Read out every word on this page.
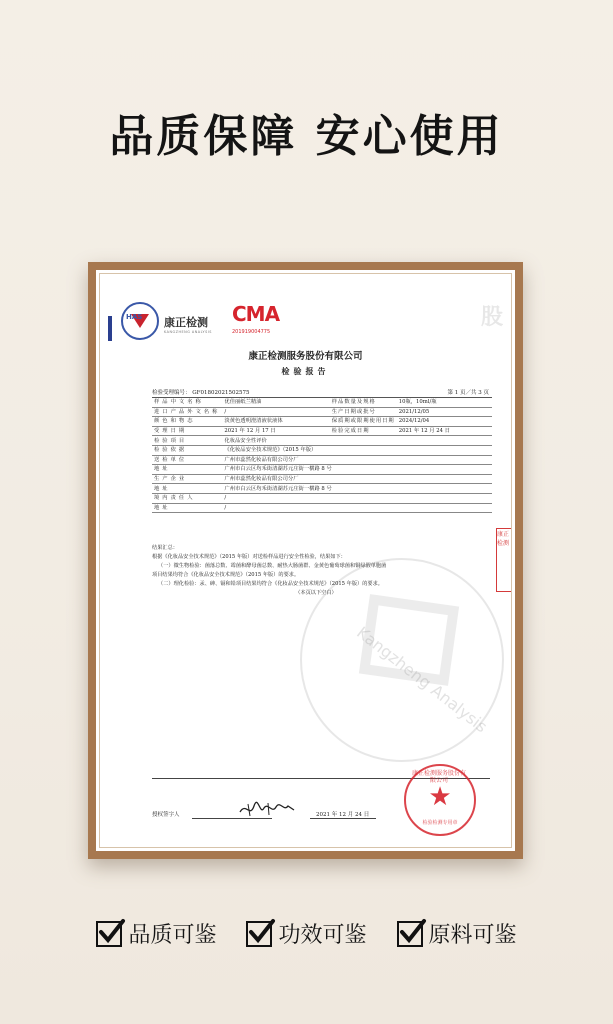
品质保障 安心使用
股
Kangzheng Analysis
HAS 康正检测
KANGZHENG ANALYSIS
CMA
201919004775
康正检测服务股份有限公司
检验报告
检验受理编号： GF01802021502575	第 1 页／共 3 页
样品中文名称	优佳丽纸兰精油	样品数量及规格	10瓶，10ml/瓶
进口产品外文名称	/	生产日期或批号	2021/12/05
颜色和物态	淡黄色透明澄清液状液体	保质期或限期使用日期	2024/12/04
受理日期	2021 年 12 月 17 日	检验完成日期	2021 年 12 月 24 日
检验项目	化妆品安全性评价		
检验依据	《化妆品安全技术规范》（2015 年版）		
送检单位	广州市蕊然化妆品有限公司分厂		
地址	广州市白云区均禾街清湖苏元庄街一横路 8 号		
生产企业	广州市蕊然化妆品有限公司分厂		
地址	广州市白云区均禾街清湖苏元庄街一横路 8 号		
境内责任人	/		
地址	/		
结果汇总：
根据《化妆品安全技术规范》（2015 年版）对送检样品进行安全性检验，结果如下：
（一）微生物检验：菌落总数、霉菌和酵母菌总数、耐热大肠菌群、金黄色葡萄球菌和铜绿假单胞菌
项目结果均符合《化妆品安全技术规范》（2015 年版）的要求。
（二）理化检验：汞、砷、镉和铅项目结果均符合《化妆品安全技术规范》（2015 年版）的要求。
（本页以下空白）
康正检测
授权签字人	2021 年 12 月 24 日
康正检测服务股份有限公司
★
检验检测专用章
品质可鉴	功效可鉴	原料可鉴
